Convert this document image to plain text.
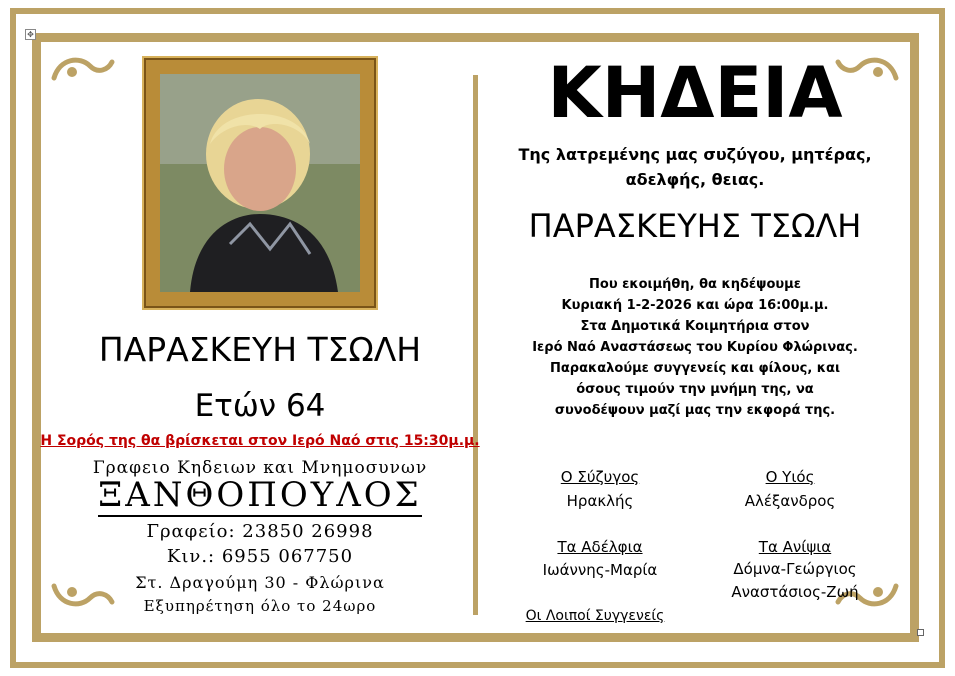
✥
ΠΑΡΑΣΚΕΥΗ ΤΣΩΛΗ
Ετών 64
Η Σορός της θα βρίσκεται στον Ιερό Ναό στις 15:30μ.μ.
Γραφειο Κηδειων και Μνημοσυνων
ΞΑΝΘΟΠΟΥΛΟΣ
Γραφείο: 23850 26998
Κιν.: 6955 067750
Στ. Δραγούμη 30 - Φλώρινα
Εξυπηρέτηση όλο το 24ωρο
ΚΗΔΕΙΑ
Της λατρεμένης μας συζύγου, μητέρας,
αδελφής, θειας.
ΠΑΡΑΣΚΕΥΗΣ ΤΣΩΛΗ
Που εκοιμήθη, θα κηδέψουμε
Κυριακή 1-2-2026 και ώρα 16:00μ.μ.
Στα Δημοτικά Κοιμητήρια στον
Ιερό Ναό Αναστάσεως του Κυρίου Φλώρινας.
Παρακαλούμε συγγενείς και φίλους, και
όσους τιμούν την μνήμη της, να
συνοδέψουν μαζί μας την εκφορά της.
Ο Σύζυγος
Ηρακλής
Ο Υιός
Αλέξανδρος
Τα Αδέλφια
Ιωάννης-Μαρία
Τα Ανίψια
Δόμνα-Γεώργιος
Αναστάσιος-Ζωή
Οι Λοιποί Συγγενείς
